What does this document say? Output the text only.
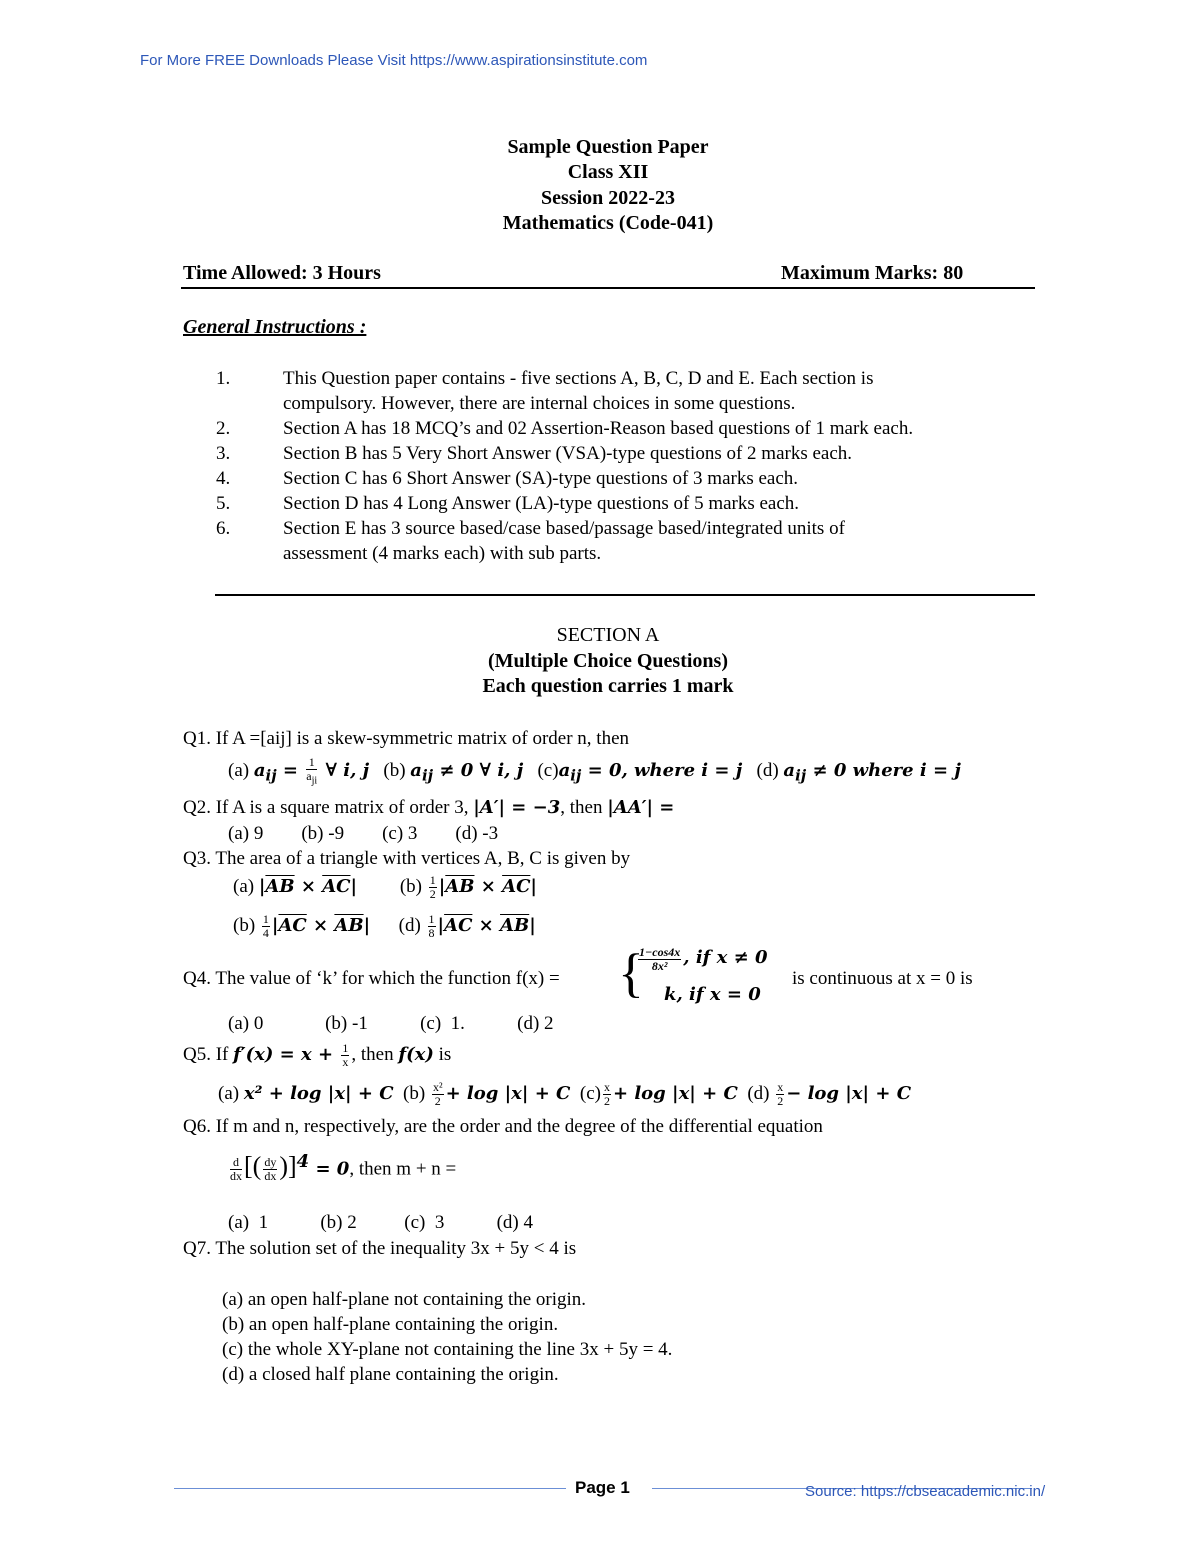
For More FREE Downloads Please Visit https://www.aspirationsinstitute.com
Sample Question Paper
Class XII
Session 2022-23
Mathematics (Code-041)
Time Allowed: 3 Hours	Maximum Marks: 80
General Instructions :
1.	This Question paper contains - five sections A, B, C, D and E. Each section is
compulsory. However, there are internal choices in some questions.
2.	Section A has 18 MCQ’s and 02 Assertion-Reason based questions of 1 mark each.
3.	Section B has 5 Very Short Answer (VSA)-type questions of 2 marks each.
4.	Section C has 6 Short Answer (SA)-type questions of 3 marks each.
5.	Section D has 4 Long Answer (LA)-type questions of 5 marks each.
6.	Section E has 3 source based/case based/passage based/integrated units of
assessment (4 marks each) with sub parts.
SECTION A
(Multiple Choice Questions)
Each question carries 1 mark
Q1. If A =[aij] is a skew-symmetric matrix of order n, then
(a) $a_{ij} = \frac{1}{a_{ji}}$ ∀ i, j   (b) $a_{ij} \ne 0$ ∀ i, j   $(c)a_{ij} = 0$, where i = j   (d) $a_{ij} \ne 0$ where i = j
Q2. If A is a square matrix of order 3, |A′| = −3, then |AA′| =
(a) 9        (b) -9        (c) 3        (d) -3
Q3. The area of a triangle with vertices A, B, C is given by
(a) $|\overline{AB} \times \overline{AC}|$         $(b) \frac{1}{2} |\overline{AB} \times \overline{AC}|$
$(b) \frac{1}{4} |\overline{AC} \times \overline{AB}|$      $(d) \frac{1}{8} |\overline{AC} \times \overline{AB}|$
Q4. The value of ‘k’ for which the function f(x) = {
$\frac{1-\cos 4x}{\text{8x²}}$ , if x ≠ 0
k, if x = 0
is continuous at x = 0 is
(a) 0             (b) -1           (c)  1.           (d) 2
Q5. If $f'(x) = x + \frac{1}{x}$ , then f(x) is
(a) x² + log |x| + C  $(b) \frac{\text{x²}}{2} + \log |x| + C$  $(c) \frac{x}{2} + \log |x| + C$  $(d) \frac{x}{2} - \log |x| + C$
Q6. If m and n, respectively, are the order and the degree of the differential equation
$\frac{d}{dx}$ [( $\frac{dy}{dx} )]^4 = 0$, then m + n =
(a)  1           (b) 2          (c)  3           (d) 4
Q7. The solution set of the inequality 3x + 5y < 4 is
(a) an open half-plane not containing the origin.
(b) an open half-plane containing the origin.
(c) the whole XY-plane not containing the line 3x + 5y = 4.
(d) a closed half plane containing the origin.
Page 1	Source: https://cbseacademic.nic.in/
